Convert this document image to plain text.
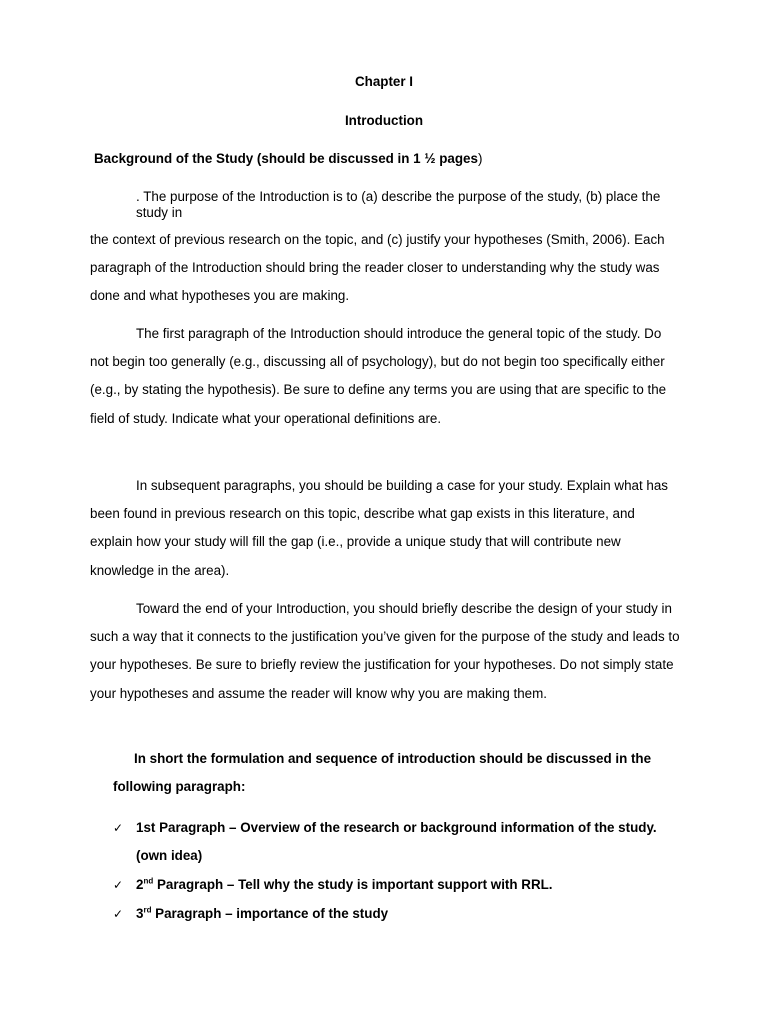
Chapter I

Introduction

Background of the Study (should be discussed in 1 ½ pages)

. The purpose of the Introduction is to (a) describe the purpose of the study, (b) place the study in

the context of previous research on the topic, and (c) justify your hypotheses (Smith, 2006). Each paragraph of the Introduction should bring the reader closer to understanding why the study was done and what hypotheses you are making.

The first paragraph of the Introduction should introduce the general topic of the study. Do not begin too generally (e.g., discussing all of psychology), but do not begin too specifically either (e.g., by stating the hypothesis). Be sure to define any terms you are using that are specific to the field of study. Indicate what your operational definitions are.

In subsequent paragraphs, you should be building a case for your study. Explain what has been found in previous research on this topic, describe what gap exists in this literature, and explain how your study will fill the gap (i.e., provide a unique study that will contribute new knowledge in the area).

Toward the end of your Introduction, you should briefly describe the design of your study in such a way that it connects to the justification you’ve given for the purpose of the study and leads to your hypotheses. Be sure to briefly review the justification for your hypotheses. Do not simply state your hypotheses and assume the reader will know why you are making them.

In short the formulation and sequence of introduction should be discussed in the following paragraph:

✓ 1st Paragraph – Overview of the research or background information of the study. (own idea)
✓ 2nd Paragraph – Tell why the study is important support with RRL.
✓ 3rd Paragraph – importance of the study
